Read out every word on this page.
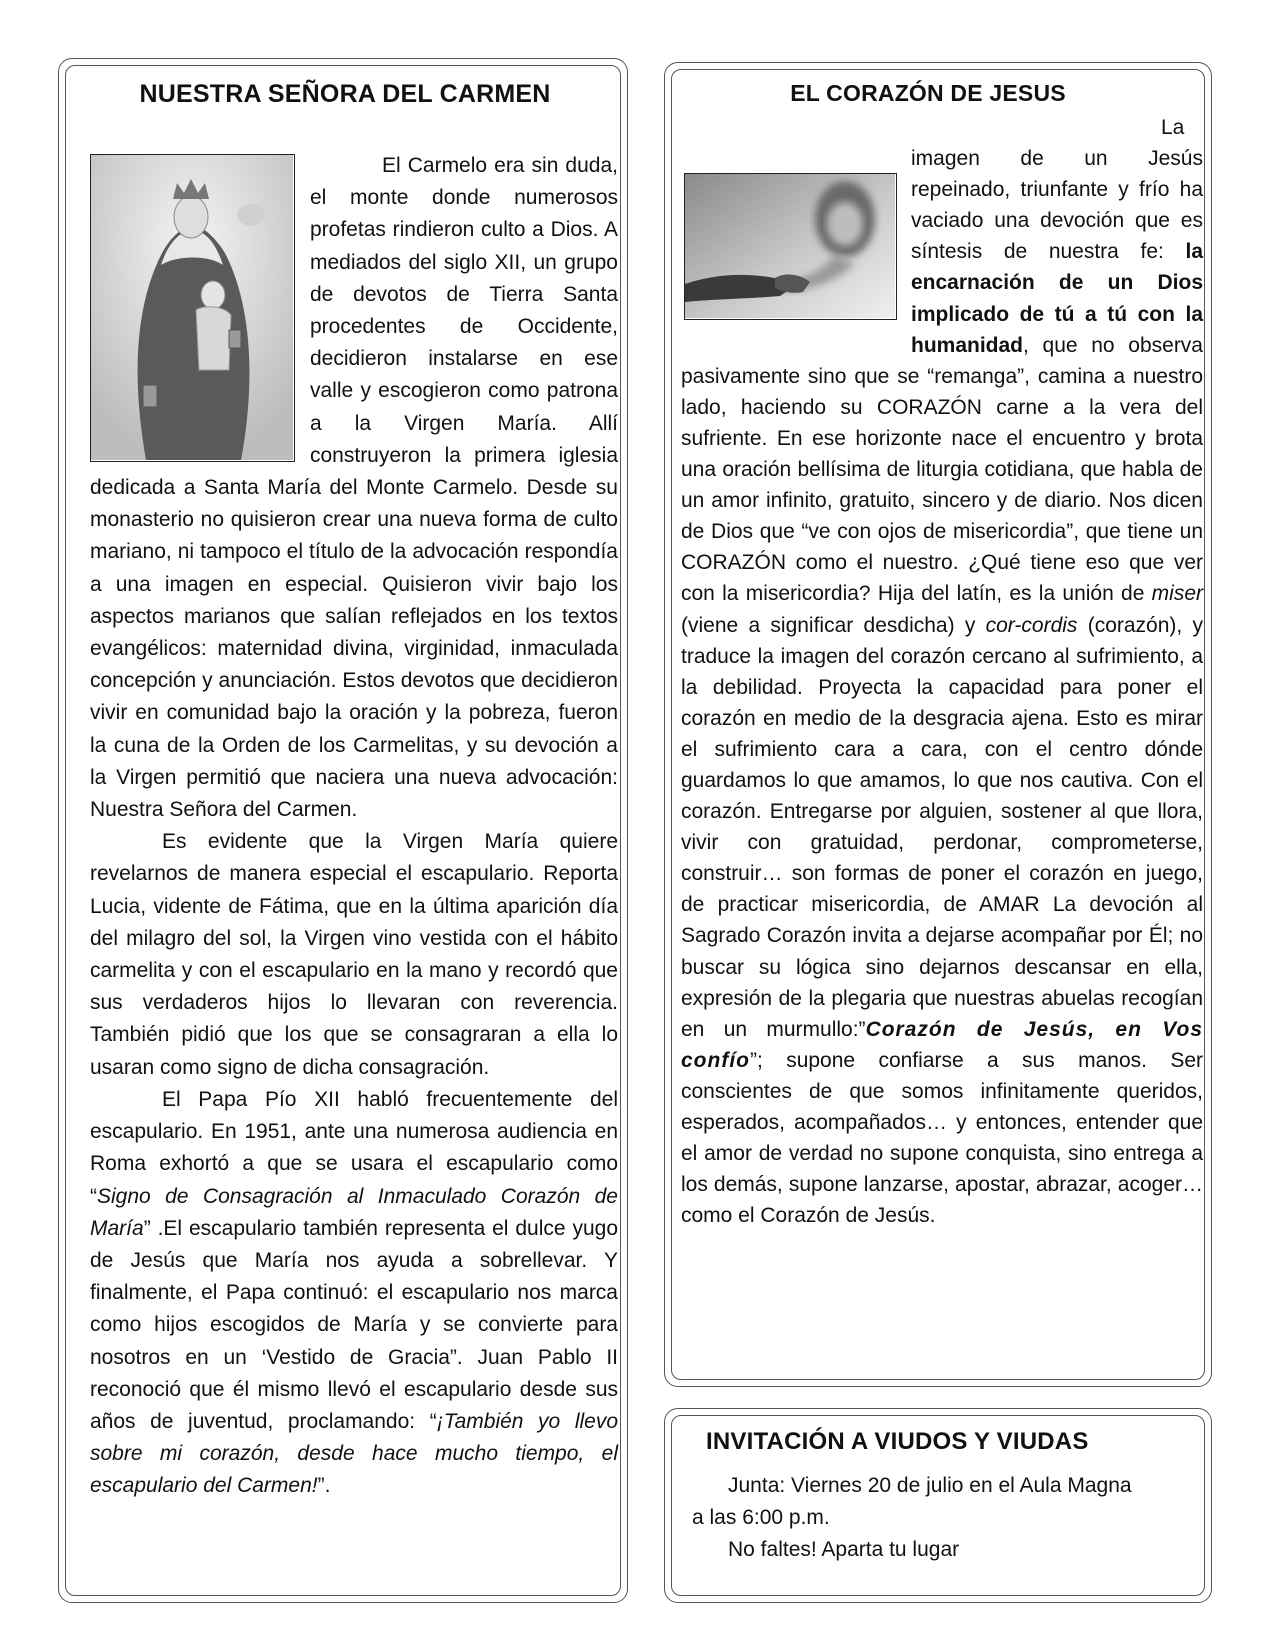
NUESTRA SEÑORA DEL CARMEN

El Carmelo era sin duda, el monte donde numerosos profetas rindieron culto a Dios. A mediados del siglo XII, un grupo de devotos de Tierra Santa procedentes de Occidente, decidieron instalarse en ese valle y escogieron como patrona a la Virgen María. Allí construyeron la primera iglesia dedicada a Santa María del Monte Carmelo. Desde su monasterio no quisieron crear una nueva forma de culto mariano, ni tampoco el título de la advocación respondía a una imagen en especial. Quisieron vivir bajo los aspectos marianos que salían reflejados en los textos evangélicos: maternidad divina, virginidad, inmaculada concepción y anunciación. Estos devotos que decidieron vivir en comunidad bajo la oración y la pobreza, fueron la cuna de la Orden de los Carmelitas, y su devoción a la Virgen permitió que naciera una nueva advocación: Nuestra Señora del Carmen.

Es evidente que la Virgen María quiere revelarnos de manera especial el escapulario. Reporta Lucia, vidente de Fátima, que en la última aparición día del milagro del sol, la Virgen vino vestida con el hábito carmelita y con el escapulario en la mano y recordó que sus verdaderos hijos lo llevaran con reverencia. También pidió que los que se consagraran a ella lo usaran como signo de dicha consagración.

El Papa Pío XII habló frecuentemente del escapulario. En 1951, ante una numerosa audiencia en Roma exhortó a que se usara el escapulario como “Signo de Consagración al Inmaculado Corazón de María” .El escapulario también representa el dulce yugo de Jesús que María nos ayuda a sobrellevar. Y finalmente, el Papa continuó: el escapulario nos marca como hijos escogidos de María y se convierte para nosotros en un ‘Vestido de Gracia”. Juan Pablo II reconoció que él mismo llevó el escapulario desde sus años de juventud, proclamando: “¡También yo llevo sobre mi corazón, desde hace mucho tiempo, el escapulario del Carmen!”.

EL CORAZÓN DE JESUS

La imagen de un Jesús repeinado, triunfante y frío ha vaciado una devoción que es síntesis de nuestra fe: la encarnación de un Dios implicado de tú a tú con la humanidad, que no observa pasivamente sino que se “remanga”, camina a nuestro lado, haciendo su CORAZÓN carne a la vera del sufriente. En ese horizonte nace el encuentro y brota una oración bellísima de liturgia cotidiana, que habla de un amor infinito, gratuito, sincero y de diario. Nos dicen de Dios que “ve con ojos de misericordia”, que tiene un CORAZÓN como el nuestro. ¿Qué tiene eso que ver con la misericordia? Hija del latín, es la unión de miser (viene a significar desdicha) y cor-cordis (corazón), y traduce la imagen del corazón cercano al sufrimiento, a la debilidad. Proyecta la capacidad para poner el corazón en medio de la desgracia ajena. Esto es mirar el sufrimiento cara a cara, con el centro dónde guardamos lo que amamos, lo que nos cautiva. Con el corazón. Entregarse por alguien, sostener al que llora, vivir con gratuidad, perdonar, comprometerse, construir… son formas de poner el corazón en juego, de practicar misericordia, de AMAR La devoción al Sagrado Corazón invita a dejarse acompañar por Él; no buscar su lógica sino dejarnos descansar en ella, expresión de la plegaria que nuestras abuelas recogían en un murmullo:”Corazón de Jesús, en Vos confío”; supone confiarse a sus manos. Ser conscientes de que somos infinitamente queridos, esperados, acompañados… y entonces, entender que el amor de verdad no supone conquista, sino entrega a los demás, supone lanzarse, apostar, abrazar, acoger… como el Corazón de Jesús.

INVITACIÓN A VIUDOS Y VIUDAS

Junta: Viernes 20 de julio en el Aula Magna

a las 6:00 p.m.

No faltes! Aparta tu lugar
